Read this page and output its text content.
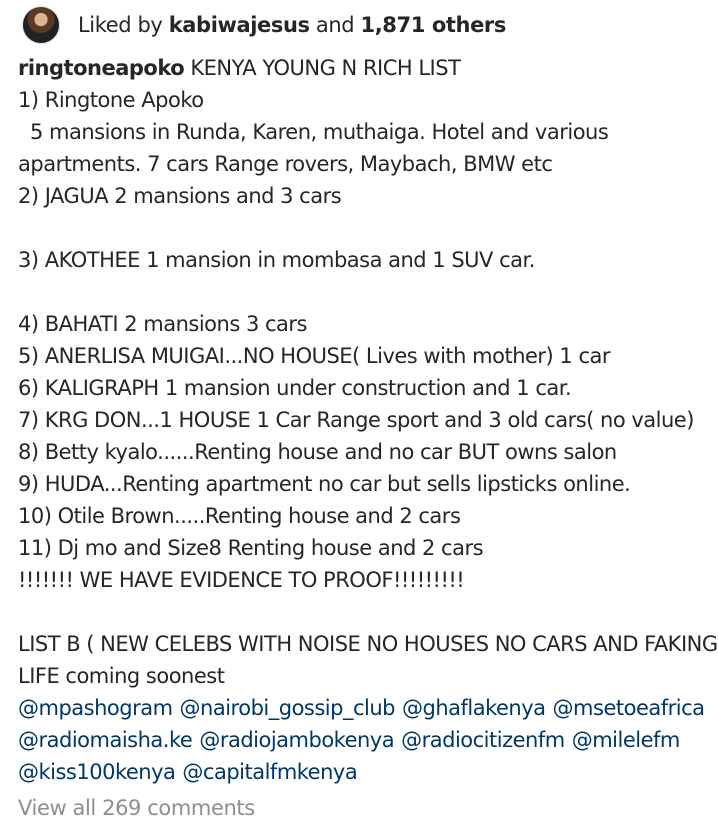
Liked by kabiwajesus and 1,871 others
ringtoneapoko KENYA YOUNG N RICH LIST
1) Ringtone Apoko
5 mansions in Runda, Karen, muthaiga. Hotel and various
apartments. 7 cars Range rovers, Maybach, BMW etc
2) JAGUA 2 mansions and 3 cars
3) AKOTHEE 1 mansion in mombasa and 1 SUV car.
4) BAHATI 2 mansions 3 cars
5) ANERLISA MUIGAI...NO HOUSE( Lives with mother) 1 car
6) KALIGRAPH 1 mansion under construction and 1 car.
7) KRG DON...1 HOUSE 1 Car Range sport and 3 old cars( no value)
8) Betty kyalo......Renting house and no car BUT owns salon
9) HUDA...Renting apartment no car but sells lipsticks online.
10) Otile Brown.....Renting house and 2 cars
11) Dj mo and Size8 Renting house and 2 cars
!!!!!!! WE HAVE EVIDENCE TO PROOF!!!!!!!!!
LIST B ( NEW CELEBS WITH NOISE NO HOUSES NO CARS AND FAKING
LIFE coming soonest
@mpashogram @nairobi_gossip_club @ghaflakenya @msetoeafrica
@radiomaisha.ke @radiojambokenya @radiocitizenfm @milelefm
@kiss100kenya @capitalfmkenya
View all 269 comments
